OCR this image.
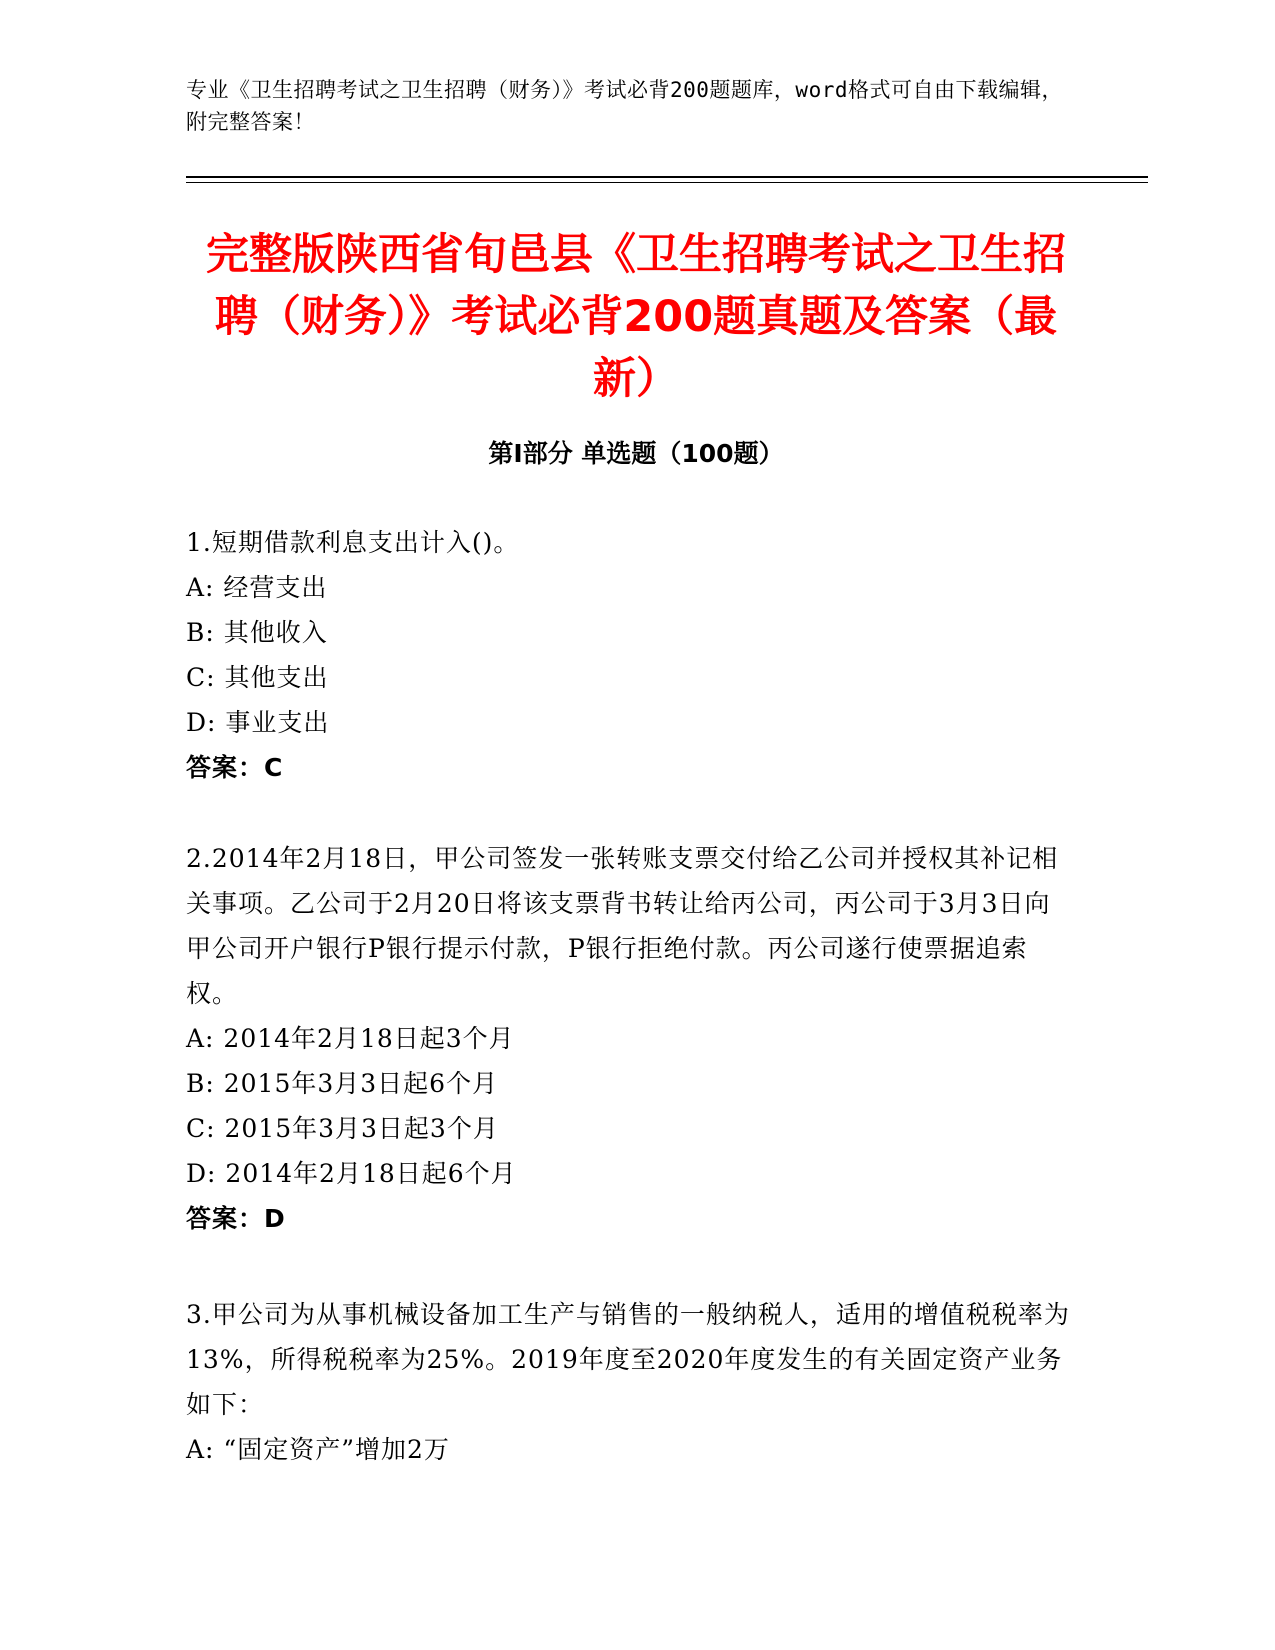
专业《卫生招聘考试之卫生招聘（财务）》考试必背200题题库，word格式可自由下载编辑，附完整答案！
完整版陕西省旬邑县《卫生招聘考试之卫生招聘（财务）》考试必背200题真题及答案（最新）
第I部分 单选题（100题）

1.短期借款利息支出计入()。

A: 经营支出

B: 其他收入

C: 其他支出

D: 事业支出

答案：C

2.2014年2月18日，甲公司签发一张转账支票交付给乙公司并授权其补记相关事项。乙公司于2月20日将该支票背书转让给丙公司，丙公司于3月3日向甲公司开户银行P银行提示付款，P银行拒绝付款。丙公司遂行使票据追索权。

A: 2014年2月18日起3个月

B: 2015年3月3日起6个月

C: 2015年3月3日起3个月

D: 2014年2月18日起6个月

答案：D

3.甲公司为从事机械设备加工生产与销售的一般纳税人，适用的增值税税率为13%，所得税税率为25%。2019年度至2020年度发生的有关固定资产业务如下：

A: “固定资产”增加2万
